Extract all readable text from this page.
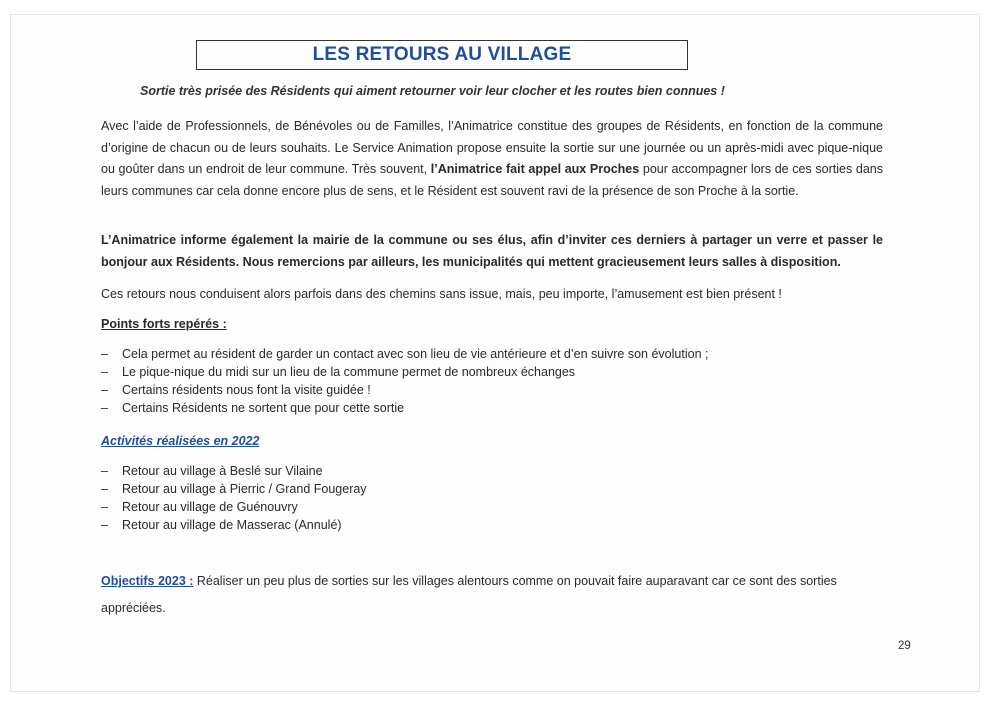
LES RETOURS AU VILLAGE
Sortie très prisée des Résidents qui aiment retourner voir leur clocher et les routes bien connues !
Avec l’aide de Professionnels, de Bénévoles ou de Familles, l’Animatrice constitue des groupes de Résidents, en fonction de la commune d’origine de chacun ou de leurs souhaits. Le Service Animation propose ensuite la sortie sur une journée ou un après-midi avec pique-nique ou goûter dans un endroit de leur commune. Très souvent, l’Animatrice fait appel aux Proches pour accompagner lors de ces sorties dans leurs communes car cela donne encore plus de sens, et le Résident est souvent ravi de la présence de son Proche à la sortie.
L’Animatrice informe également la mairie de la commune ou ses élus, afin d’inviter ces derniers à partager un verre et passer le bonjour aux Résidents. Nous remercions par ailleurs, les municipalités qui mettent gracieusement leurs salles à disposition.
Ces retours nous conduisent alors parfois dans des chemins sans issue, mais, peu importe, l’amusement est bien présent !
Points forts repérés :
– Cela permet au résident de garder un contact avec son lieu de vie antérieure et d’en suivre son évolution ;
– Le pique-nique du midi sur un lieu de la commune permet de nombreux échanges
– Certains résidents nous font la visite guidée !
– Certains Résidents ne sortent que pour cette sortie
Activités réalisées en 2022
– Retour au village à Beslé sur Vilaine
– Retour au village à Pierric / Grand Fougeray
– Retour au village de Guénouvry
– Retour au village de Masserac (Annulé)
Objectifs 2023 : Réaliser un peu plus de sorties sur les villages alentours comme on pouvait faire auparavant car ce sont des sorties appréciées.
29
